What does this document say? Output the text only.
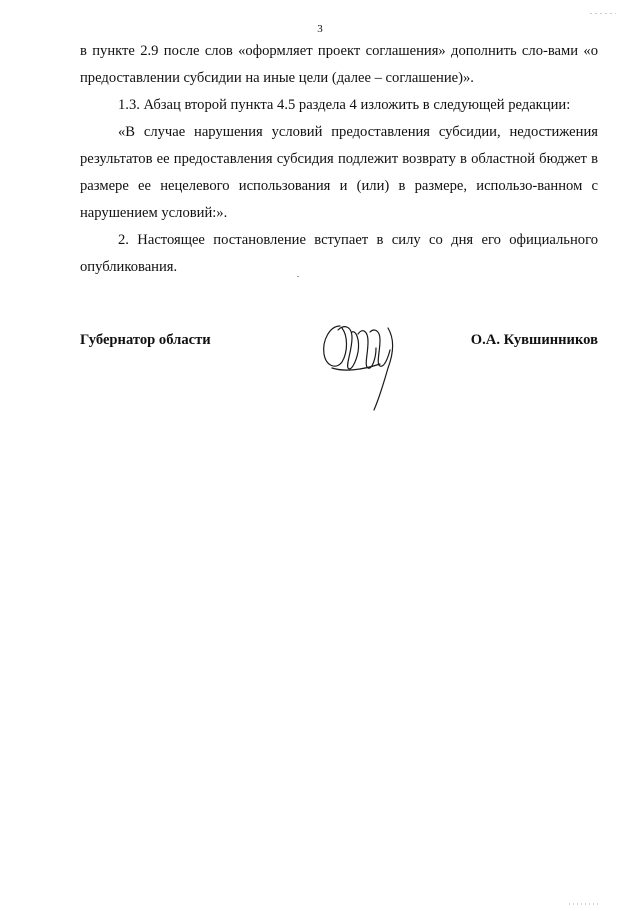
3

в пункте 2.9 после слов «оформляет проект соглашения» дополнить сло-вами «о предоставлении субсидии на иные цели (далее – соглашение)».

1.3. Абзац второй пункта 4.5 раздела 4 изложить в следующей редакции:

«В случае нарушения условий предоставления субсидии, недостижения результатов ее предоставления субсидия подлежит возврату в областной бюджет в размере ее нецелевого использования и (или) в размере, использо-ванном с нарушением условий:».

2. Настоящее постановление вступает в силу со дня его официального опубликования.

Губернатор области	О.А. Кувшинников
